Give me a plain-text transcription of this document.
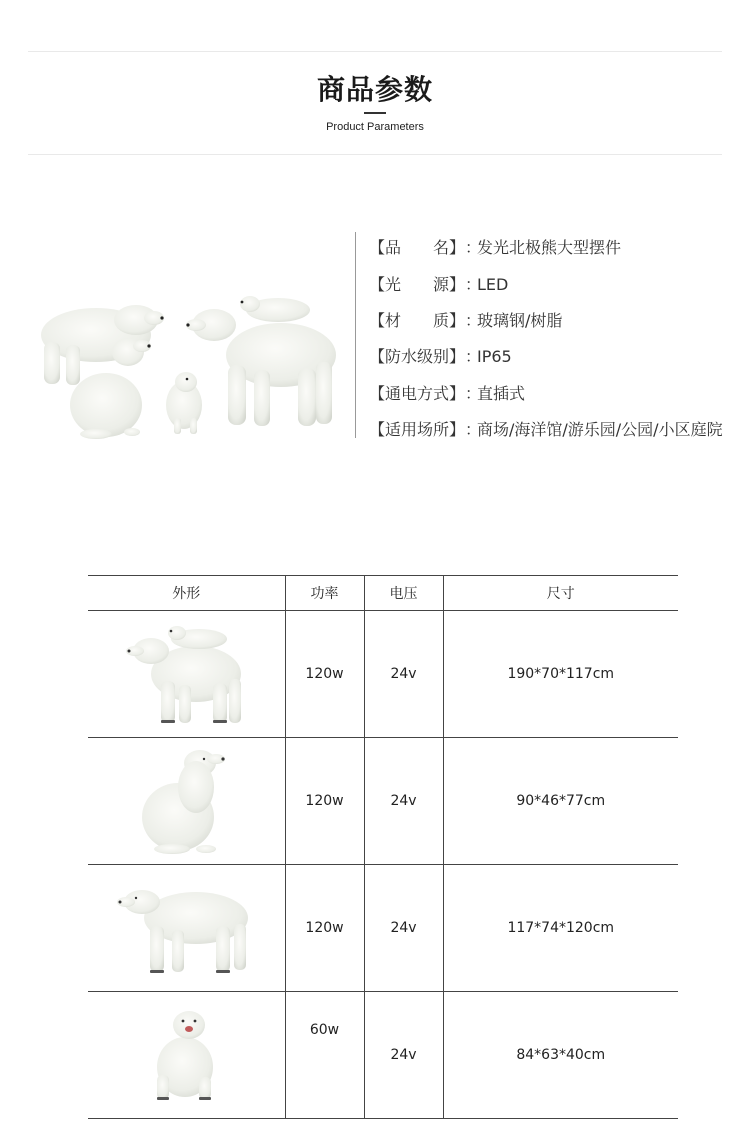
商品参数
Product Parameters
【品　　名】：发光北极熊大型摆件
【光　　源】：LED
【材　　质】：玻璃钢/树脂
【防水级别】：IP65
【通电方式】：直插式
【适用场所】：商场/海洋馆/游乐园/公园/小区庭院
外形	功率	电压	尺寸

	120w	24v	190*70*117cm

	120w	24v	90*46*77cm

	120w	24v	117*74*120cm

	60w	24v	84*63*40cm
